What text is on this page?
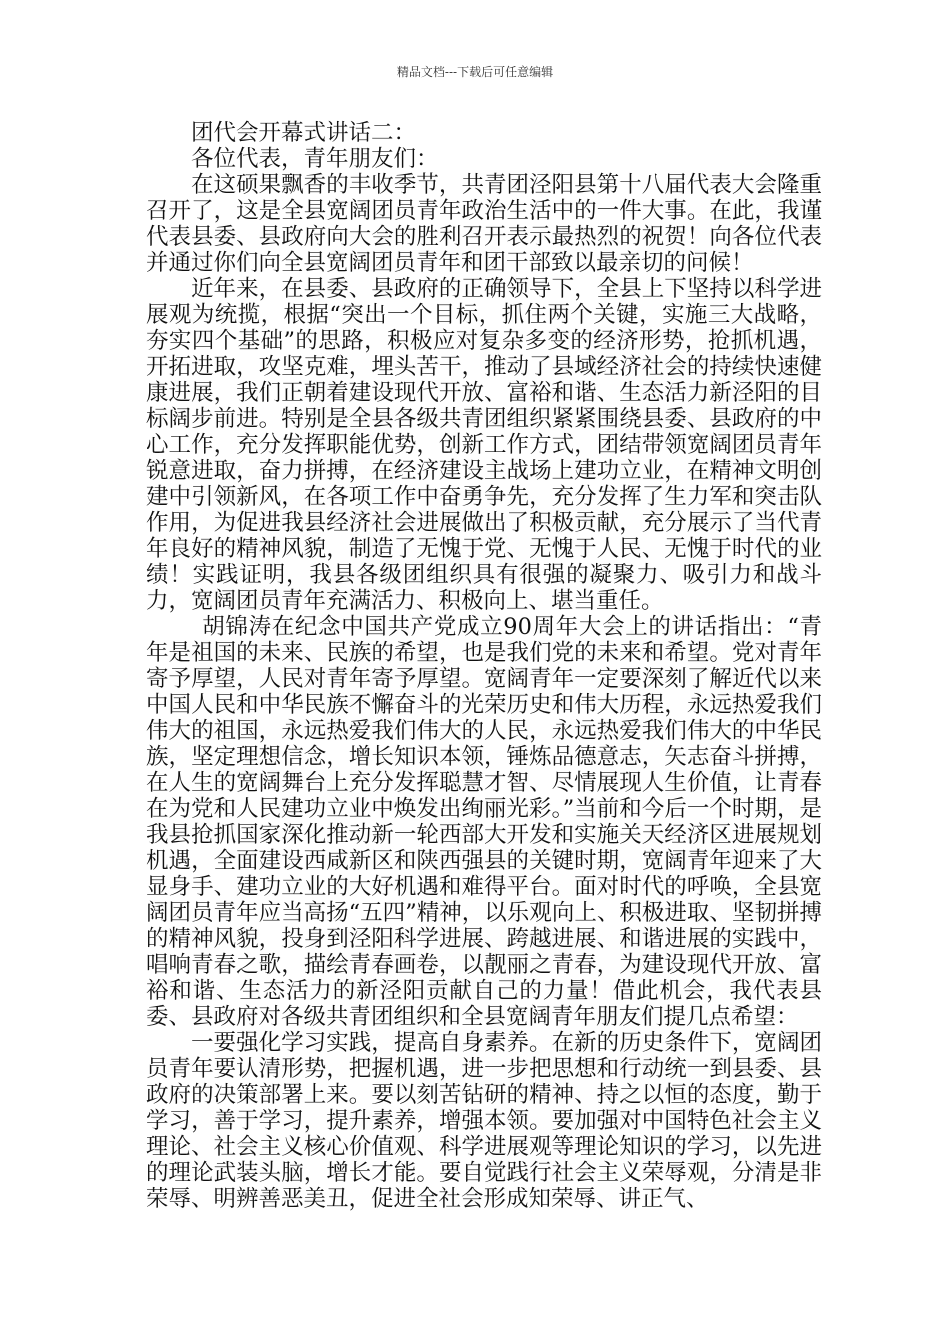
精品文档---下载后可任意编辑

团代会开幕式讲话二：

各位代表，青年朋友们：

在这硕果飘香的丰收季节，共青团泾阳县第十八届代表大会隆重召开了，这是全县宽阔团员青年政治生活中的一件大事。在此，我谨代表县委、县政府向大会的胜利召开表示最热烈的祝贺！向各位代表并通过你们向全县宽阔团员青年和团干部致以最亲切的问候！

近年来，在县委、县政府的正确领导下，全县上下坚持以科学进展观为统揽，根据“突出一个目标，抓住两个关键，实施三大战略，夯实四个基础”的思路，积极应对复杂多变的经济形势，抢抓机遇，开拓进取，攻坚克难，埋头苦干，推动了县域经济社会的持续快速健康进展，我们正朝着建设现代开放、富裕和谐、生态活力新泾阳的目标阔步前进。特别是全县各级共青团组织紧紧围绕县委、县政府的中心工作，充分发挥职能优势，创新工作方式，团结带领宽阔团员青年锐意进取，奋力拼搏，在经济建设主战场上建功立业，在精神文明创建中引领新风，在各项工作中奋勇争先，充分发挥了生力军和突击队作用，为促进我县经济社会进展做出了积极贡献，充分展示了当代青年良好的精神风貌，制造了无愧于党、无愧于人民、无愧于时代的业绩！实践证明，我县各级团组织具有很强的凝聚力、吸引力和战斗力，宽阔团员青年充满活力、积极向上、堪当重任。

胡锦涛在纪念中国共产党成立90周年大会上的讲话指出：“青年是祖国的未来、民族的希望，也是我们党的未来和希望。党对青年寄予厚望，人民对青年寄予厚望。宽阔青年一定要深刻了解近代以来中国人民和中华民族不懈奋斗的光荣历史和伟大历程，永远热爱我们伟大的祖国，永远热爱我们伟大的人民，永远热爱我们伟大的中华民族，坚定理想信念，增长知识本领，锤炼品德意志，矢志奋斗拼搏，在人生的宽阔舞台上充分发挥聪慧才智、尽情展现人生价值，让青春在为党和人民建功立业中焕发出绚丽光彩。”当前和今后一个时期，是我县抢抓国家深化推动新一轮西部大开发和实施关天经济区进展规划机遇，全面建设西咸新区和陕西强县的关键时期，宽阔青年迎来了大显身手、建功立业的大好机遇和难得平台。面对时代的呼唤，全县宽阔团员青年应当高扬“五四”精神，以乐观向上、积极进取、坚韧拼搏的精神风貌，投身到泾阳科学进展、跨越进展、和谐进展的实践中，唱响青春之歌，描绘青春画卷，以靓丽之青春，为建设现代开放、富裕和谐、生态活力的新泾阳贡献自己的力量！借此机会，我代表县委、县政府对各级共青团组织和全县宽阔青年朋友们提几点希望：

一要强化学习实践，提高自身素养。在新的历史条件下，宽阔团员青年要认清形势，把握机遇，进一步把思想和行动统一到县委、县政府的决策部署上来。要以刻苦钻研的精神、持之以恒的态度，勤于学习，善于学习，提升素养，增强本领。要加强对中国特色社会主义理论、社会主义核心价值观、科学进展观等理论知识的学习，以先进的理论武装头脑，增长才能。要自觉践行社会主义荣辱观，分清是非荣辱、明辨善恶美丑，促进全社会形成知荣辱、讲正气、
